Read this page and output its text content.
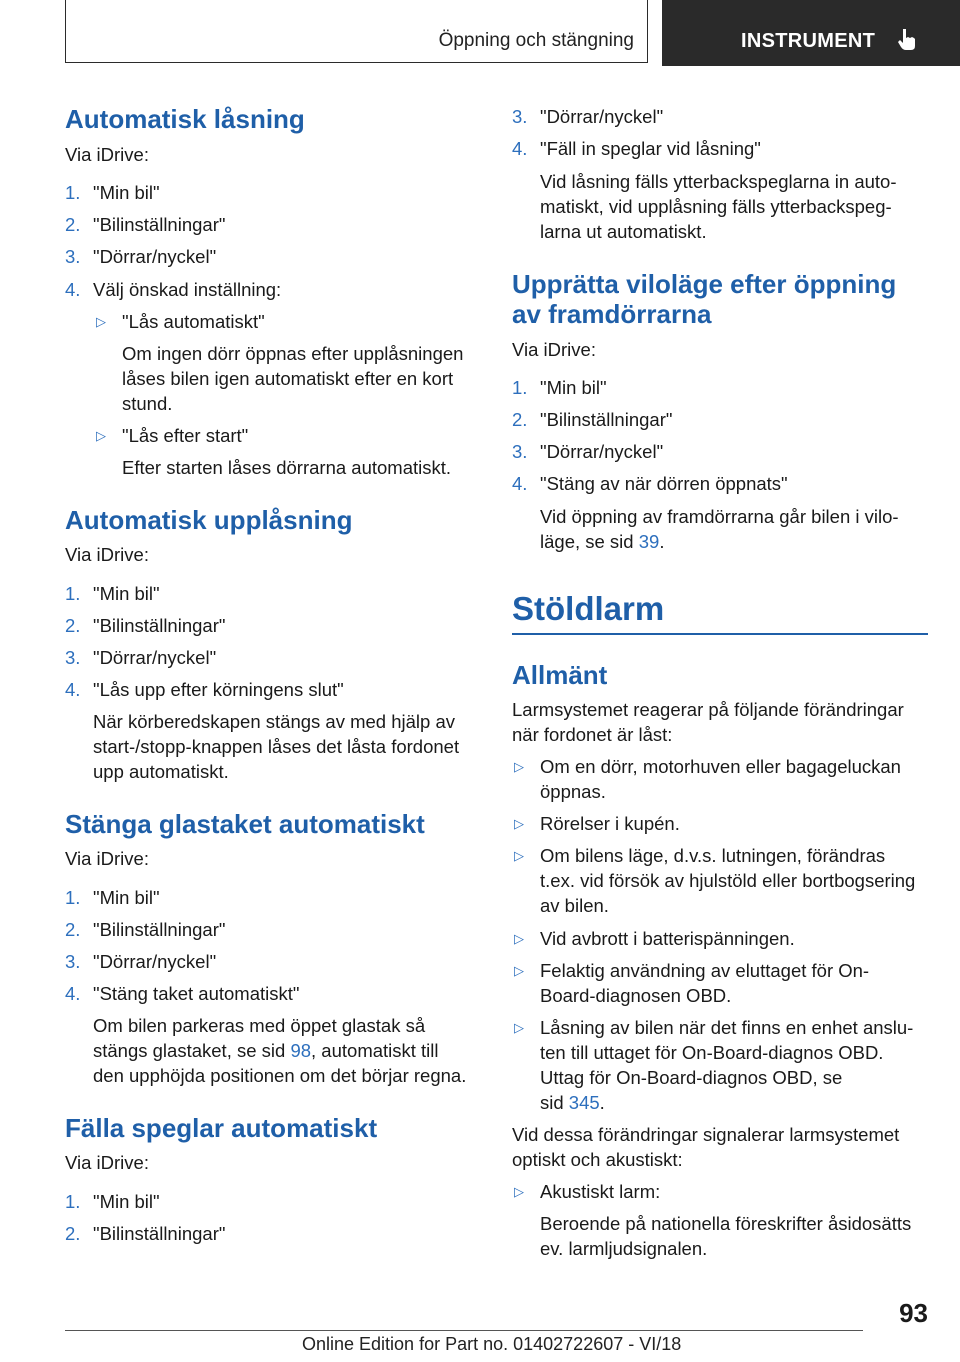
Öppning och stängning	INSTRUMENT
Automatisk låsning
Via iDrive:
1. "Min bil"
2. "Bilinställningar"
3. "Dörrar/nyckel"
4. Välj önskad inställning:
▷ "Lås automatiskt"
Om ingen dörr öppnas efter upplåsningen
låses bilen igen automatiskt efter en kort
stund.
▷ "Lås efter start"
Efter starten låses dörrarna automatiskt.
Automatisk upplåsning
Via iDrive:
1. "Min bil"
2. "Bilinställningar"
3. "Dörrar/nyckel"
4. "Lås upp efter körningens slut"
När körberedskapen stängs av med hjälp av
start-/stopp-knappen låses det låsta fordonet
upp automatiskt.
Stänga glastaket automatiskt
Via iDrive:
1. "Min bil"
2. "Bilinställningar"
3. "Dörrar/nyckel"
4. "Stäng taket automatiskt"
Om bilen parkeras med öppet glastak så
stängs glastaket, se sid 98, automatiskt till
den upphöjda positionen om det börjar regna.
Fälla speglar automatiskt
Via iDrive:
1. "Min bil"
2. "Bilinställningar"
3. "Dörrar/nyckel"
4. "Fäll in speglar vid låsning"
Vid låsning fälls ytterbackspeglarna in auto-
matiskt, vid upplåsning fälls ytterbackspeg-
larna ut automatiskt.
Upprätta viloläge efter öppning
av framdörrarna
Via iDrive:
1. "Min bil"
2. "Bilinställningar"
3. "Dörrar/nyckel"
4. "Stäng av när dörren öppnats"
Vid öppning av framdörrarna går bilen i vilo-
läge, se sid 39.
Stöldlarm
Allmänt
Larmsystemet reagerar på följande förändringar
när fordonet är låst:
▷ Om en dörr, motorhuven eller bagageluckan
öppnas.
▷ Rörelser i kupén.
▷ Om bilens läge, d.v.s. lutningen, förändras
t.ex. vid försök av hjulstöld eller bortbogsering
av bilen.
▷ Vid avbrott i batterispänningen.
▷ Felaktig användning av eluttaget för On-
Board-diagnosen OBD.
▷ Låsning av bilen när det finns en enhet anslu-
ten till uttaget för On-Board-diagnos OBD.
Uttag för On-Board-diagnos OBD, se
sid 345.
Vid dessa förändringar signalerar larmsystemet
optiskt och akustiskt:
▷ Akustiskt larm:
Beroende på nationella föreskrifter åsidosätts
ev. larmljudsignalen.
93
Online Edition for Part no. 01402722607 - VI/18
